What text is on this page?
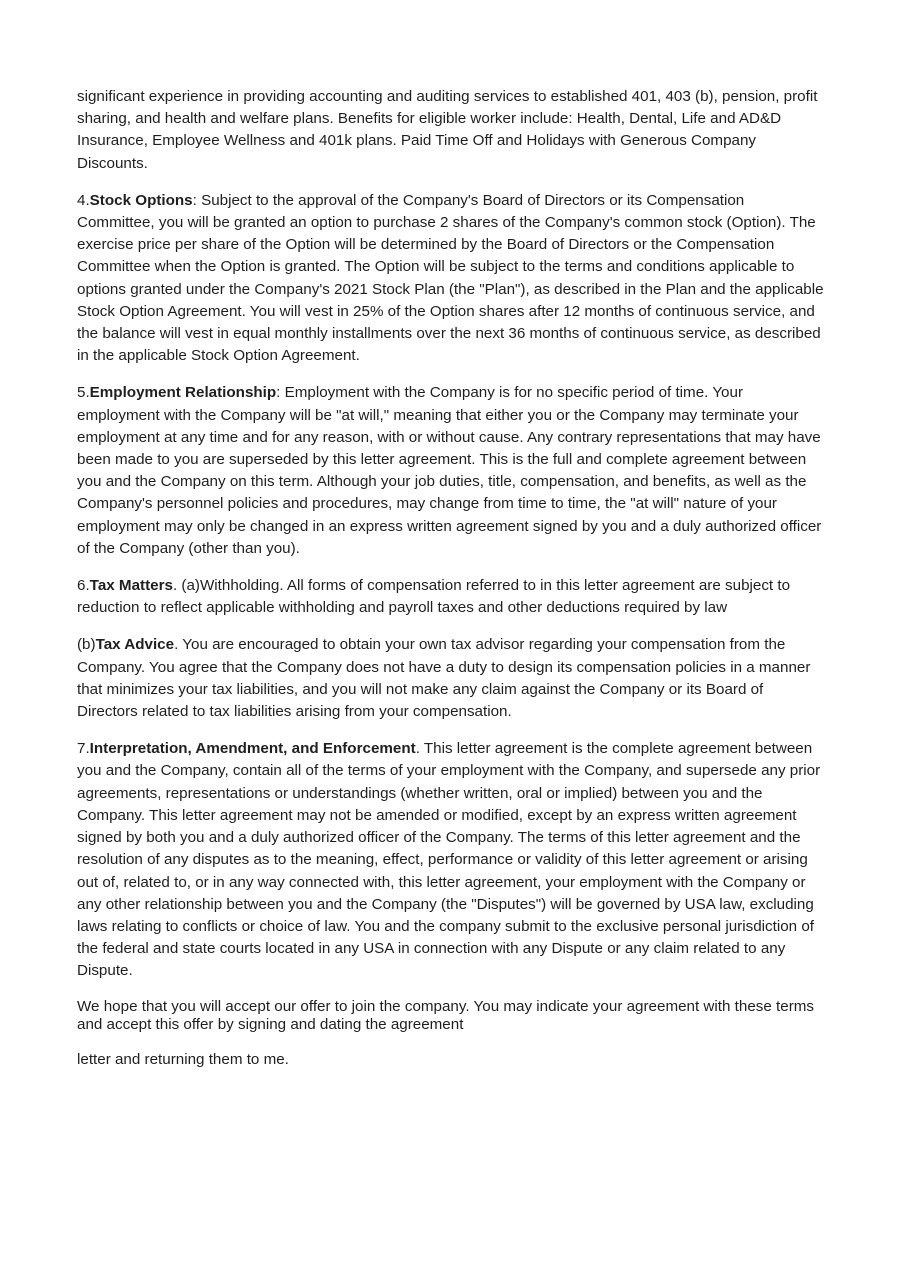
significant experience in providing accounting and auditing services to established 401, 403 (b), pension, profit sharing, and health and welfare plans. Benefits for eligible worker include: Health, Dental, Life and AD&D Insurance, Employee Wellness and 401k plans. Paid Time Off and Holidays with Generous Company Discounts.

4.Stock Options: Subject to the approval of the Company's Board of Directors or its Compensation Committee, you will be granted an option to purchase 2 shares of the Company's common stock (Option). The exercise price per share of the Option will be determined by the Board of Directors or the Compensation Committee when the Option is granted. The Option will be subject to the terms and conditions applicable to options granted under the Company's 2021 Stock Plan (the "Plan"), as described in the Plan and the applicable Stock Option Agreement. You will vest in 25% of the Option shares after 12 months of continuous service, and the balance will vest in equal monthly installments over the next 36 months of continuous service, as described in the applicable Stock Option Agreement.

5.Employment Relationship: Employment with the Company is for no specific period of time. Your employment with the Company will be "at will," meaning that either you or the Company may terminate your employment at any time and for any reason, with or without cause. Any contrary representations that may have been made to you are superseded by this letter agreement. This is the full and complete agreement between you and the Company on this term. Although your job duties, title, compensation, and benefits, as well as the Company's personnel policies and procedures, may change from time to time, the "at will" nature of your employment may only be changed in an express written agreement signed by you and a duly authorized officer of the Company (other than you).

6.Tax Matters. (a)Withholding. All forms of compensation referred to in this letter agreement are subject to reduction to reflect applicable withholding and payroll taxes and other deductions required by law

(b)Tax Advice. You are encouraged to obtain your own tax advisor regarding your compensation from the Company. You agree that the Company does not have a duty to design its compensation policies in a manner that minimizes your tax liabilities, and you will not make any claim against the Company or its Board of Directors related to tax liabilities arising from your compensation.

7.Interpretation, Amendment, and Enforcement. This letter agreement is the complete agreement between you and the Company, contain all of the terms of your employment with the Company, and supersede any prior agreements, representations or understandings (whether written, oral or implied) between you and the Company. This letter agreement may not be amended or modified, except by an express written agreement signed by both you and a duly authorized officer of the Company. The terms of this letter agreement and the resolution of any disputes as to the meaning, effect, performance or validity of this letter agreement or arising out of, related to, or in any way connected with, this letter agreement, your employment with the Company or any other relationship between you and the Company (the "Disputes") will be governed by USA law, excluding laws relating to conflicts or choice of law. You and the company submit to the exclusive personal jurisdiction of the federal and state courts located in any USA in connection with any Dispute or any claim related to any Dispute.

We hope that you will accept our offer to join the company. You may indicate your agreement with these terms and accept this offer by signing and dating the agreement

letter and returning them to me.
